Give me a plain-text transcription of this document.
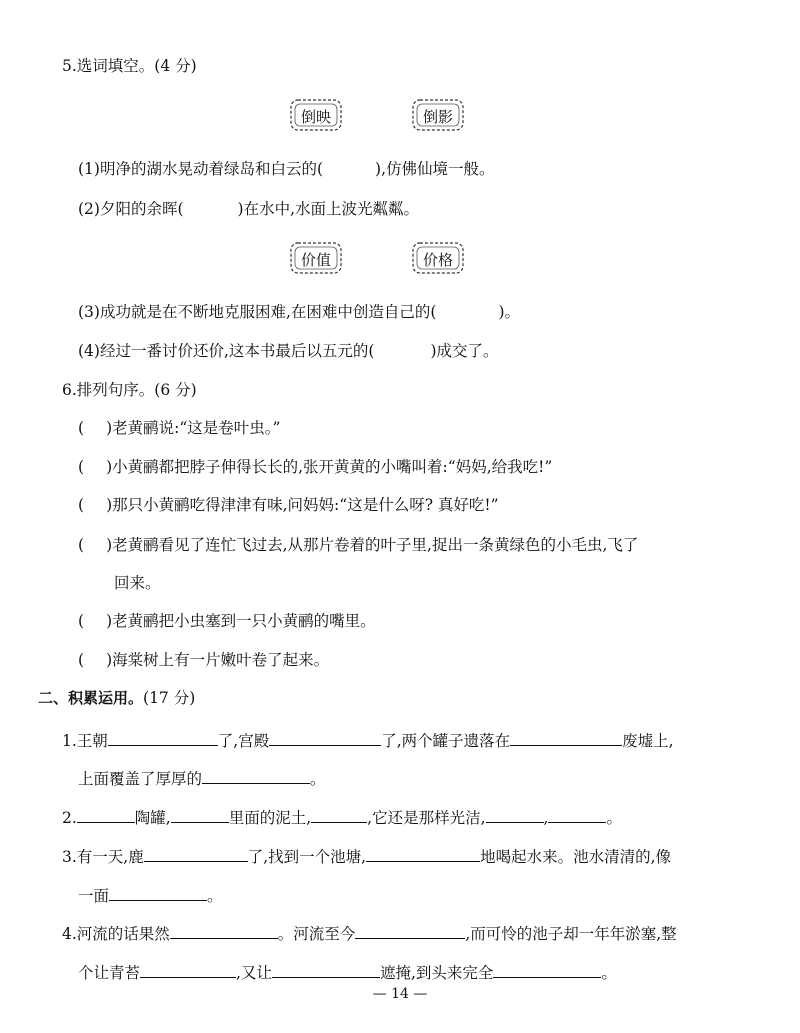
5.选词填空。(4 分)
倒映	倒影
(1)明净的湖水晃动着绿岛和白云的(	),仿佛仙境一般。
(2)夕阳的余晖(	)在水中,水面上波光粼粼。
价值	价格
(3)成功就是在不断地克服困难,在困难中创造自己的(	)。
(4)经过一番讨价还价,这本书最后以五元的(	)成交了。
6.排列句序。(6 分)
( )老黄鹂说:“这是卷叶虫。”
( )小黄鹂都把脖子伸得长长的,张开黄黄的小嘴叫着:“妈妈,给我吃!”
( )那只小黄鹂吃得津津有味,问妈妈:“这是什么呀? 真好吃!”
( )老黄鹂看见了连忙飞过去,从那片卷着的叶子里,捉出一条黄绿色的小毛虫,飞了
回来。
( )老黄鹂把小虫塞到一只小黄鹂的嘴里。
( )海棠树上有一片嫩叶卷了起来。
二、积累运用。(17 分)
1.王朝	了,宫殿	了,两个罐子遗落在	废墟上,
上面覆盖了厚厚的	。
2.	陶罐,	里面的泥土,	,它还是那样光洁,	,	。
3.有一天,鹿	了,找到一个池塘,	地喝起水来。池水清清的,像
一面	。
4.河流的话果然	。河流至今	,而可怜的池子却一年年淤塞,整
个让青苔	,又让	遮掩,到头来完全	。
— 14 —
